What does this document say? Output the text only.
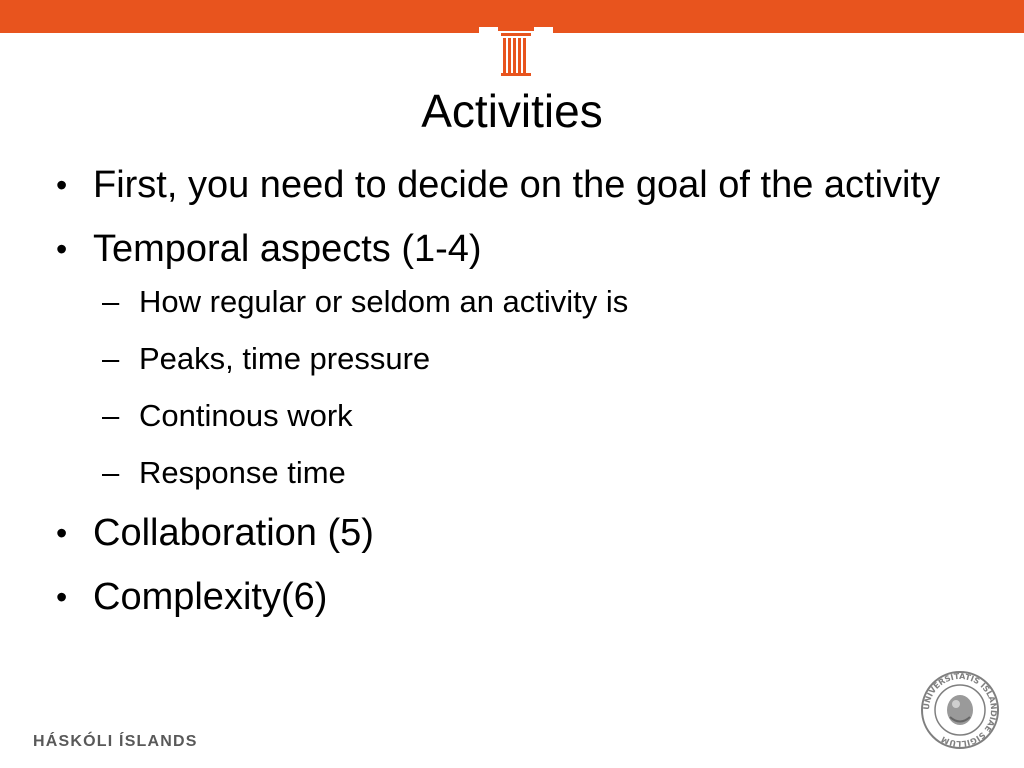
Activities
• First, you need to decide on the goal of the activity
• Temporal aspects (1-4)
– How regular or seldom an activity is
– Peaks, time pressure
– Continous work
– Response time
• Collaboration (5)
• Complexity(6)
HÁSKÓLI ÍSLANDS
UNIVERSITATIS ISLANDIAE SIGILLUM
